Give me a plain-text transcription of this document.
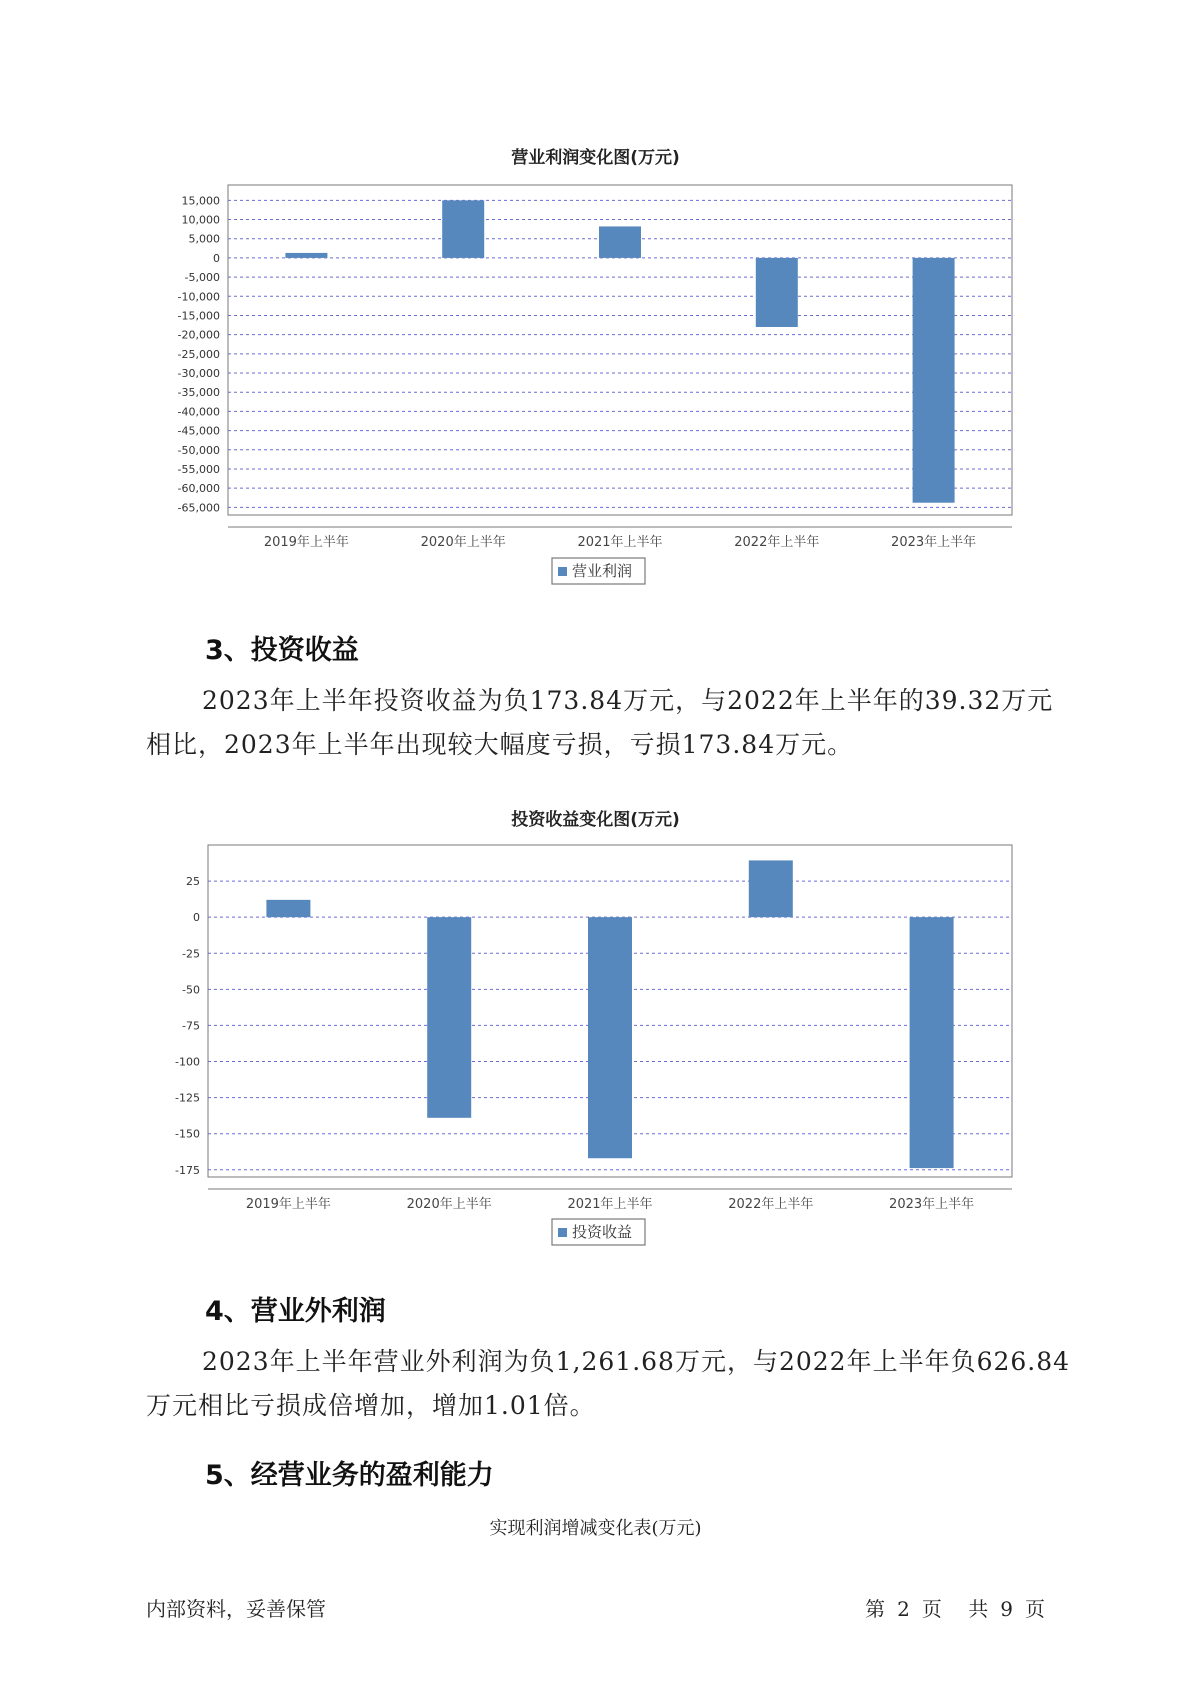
营业利润变化图(万元)
15,000
10,000
5,000
0
-5,000
-10,000
-15,000
-20,000
-25,000
-30,000
-35,000
-40,000
-45,000
-50,000
-55,000
-60,000
-65,000
2019年上半年	2020年上半年	2021年上半年	2022年上半年	2023年上半年
营业利润
3、投资收益

2023年上半年投资收益为负173.84万元，与2022年上半年的39.32万元

相比，2023年上半年出现较大幅度亏损，亏损173.84万元。

投资收益变化图(万元)
25
0
-25
-50
-75
-100
-125
-150
-175
2019年上半年	2020年上半年	2021年上半年	2022年上半年	2023年上半年
投资收益
4、营业外利润

2023年上半年营业外利润为负1,261.68万元，与2022年上半年负626.84

万元相比亏损成倍增加，增加1.01倍。

5、经营业务的盈利能力
实现利润增减变化表(万元)
内部资料，妥善保管	第 2 页 共 9 页
